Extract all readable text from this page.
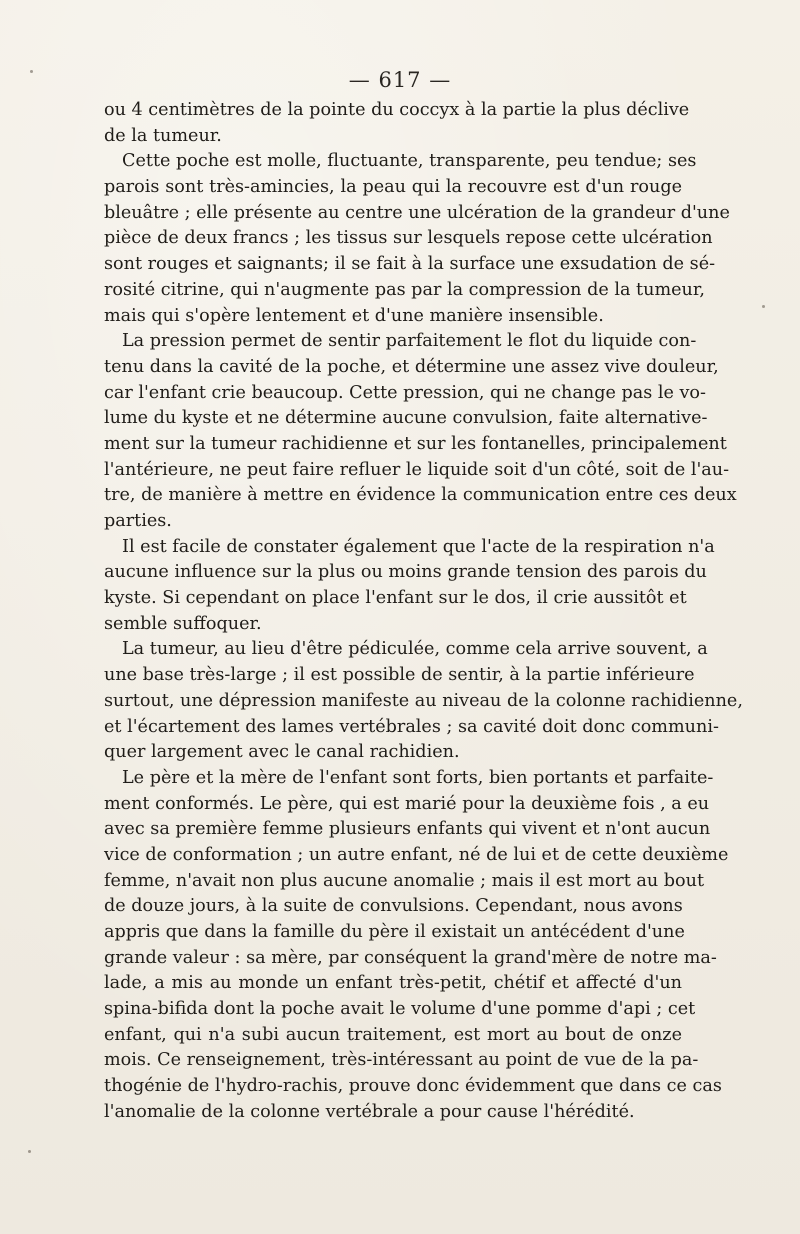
— 617 —
ou 4 centimètres de la pointe du coccyx à la partie la plus déclive
de la tumeur.
Cette poche est molle, fluctuante, transparente, peu tendue; ses
parois sont très-amincies, la peau qui la recouvre est d'un rouge
bleuâtre ; elle présente au centre une ulcération de la grandeur d'une
pièce de deux francs ; les tissus sur lesquels repose cette ulcération
sont rouges et saignants; il se fait à la surface une exsudation de sé-
rosité citrine, qui n'augmente pas par la compression de la tumeur,
mais qui s'opère lentement et d'une manière insensible.
La pression permet de sentir parfaitement le flot du liquide con-
tenu dans la cavité de la poche, et détermine une assez vive douleur,
car l'enfant crie beaucoup. Cette pression, qui ne change pas le vo-
lume du kyste et ne détermine aucune convulsion, faite alternative-
ment sur la tumeur rachidienne et sur les fontanelles, principalement
l'antérieure, ne peut faire refluer le liquide soit d'un côté, soit de l'au-
tre, de manière à mettre en évidence la communication entre ces deux
parties.
Il est facile de constater également que l'acte de la respiration n'a
aucune influence sur la plus ou moins grande tension des parois du
kyste. Si cependant on place l'enfant sur le dos, il crie aussitôt et
semble suffoquer.
La tumeur, au lieu d'être pédiculée, comme cela arrive souvent, a
une base très-large ; il est possible de sentir, à la partie inférieure
surtout, une dépression manifeste au niveau de la colonne rachidienne,
et l'écartement des lames vertébrales ; sa cavité doit donc communi-
quer largement avec le canal rachidien.
Le père et la mère de l'enfant sont forts, bien portants et parfaite-
ment conformés. Le père, qui est marié pour la deuxième fois , a eu
avec sa première femme plusieurs enfants qui vivent et n'ont aucun
vice de conformation ; un autre enfant, né de lui et de cette deuxième
femme, n'avait non plus aucune anomalie ; mais il est mort au bout
de douze jours, à la suite de convulsions. Cependant, nous avons
appris que dans la famille du père il existait un antécédent d'une
grande valeur : sa mère, par conséquent la grand'mère de notre ma-
lade, a mis au monde un enfant très-petit, chétif et affecté d'un
spina-bifida dont la poche avait le volume d'une pomme d'api ; cet
enfant, qui n'a subi aucun traitement, est mort au bout de onze
mois. Ce renseignement, très-intéressant au point de vue de la pa-
thogénie de l'hydro-rachis, prouve donc évidemment que dans ce cas
l'anomalie de la colonne vertébrale a pour cause l'hérédité.
